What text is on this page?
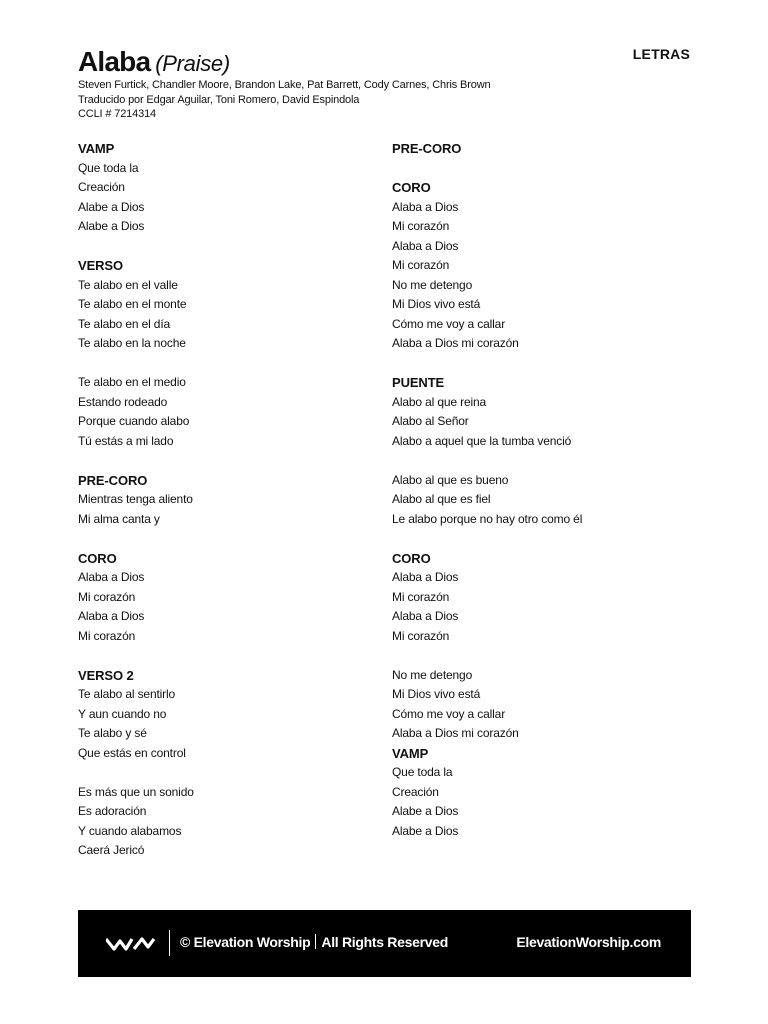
LETRAS
Alaba (Praise)
Steven Furtick, Chandler Moore, Brandon Lake, Pat Barrett, Cody Carnes, Chris Brown
Traducido por Edgar Aguilar, Toni Romero, David Espindola
CCLI # 7214314
VAMP
Que toda la
Creación
Alabe a Dios
Alabe a Dios
VERSO
Te alabo en el valle
Te alabo en el monte
Te alabo en el día
Te alabo en la noche
Te alabo en el medio
Estando rodeado
Porque cuando alabo
Tú estás a mi lado
PRE-CORO
Mientras tenga aliento
Mi alma canta y
CORO
Alaba a Dios
Mi corazón
Alaba a Dios
Mi corazón
VERSO 2
Te alabo al sentirlo
Y aun cuando no
Te alabo y sé
Que estás en control
Es más que un sonido
Es adoración
Y cuando alabamos
Caerá Jericó
PRE-CORO
CORO
Alaba a Dios
Mi corazón
Alaba a Dios
Mi corazón
No me detengo
Mi Dios vivo está
Cómo me voy a callar
Alaba a Dios mi corazón
PUENTE
Alabo al que reina
Alabo al Señor
Alabo a aquel que la tumba venció
Alabo al que es bueno
Alabo al que es fiel
Le alabo porque no hay otro como él
CORO
Alaba a Dios
Mi corazón
Alaba a Dios
Mi corazón
No me detengo
Mi Dios vivo está
Cómo me voy a callar
Alaba a Dios mi corazón
VAMP
Que toda la
Creación
Alabe a Dios
Alabe a Dios
© Elevation Worship All Rights Reserved	ElevationWorship.com
